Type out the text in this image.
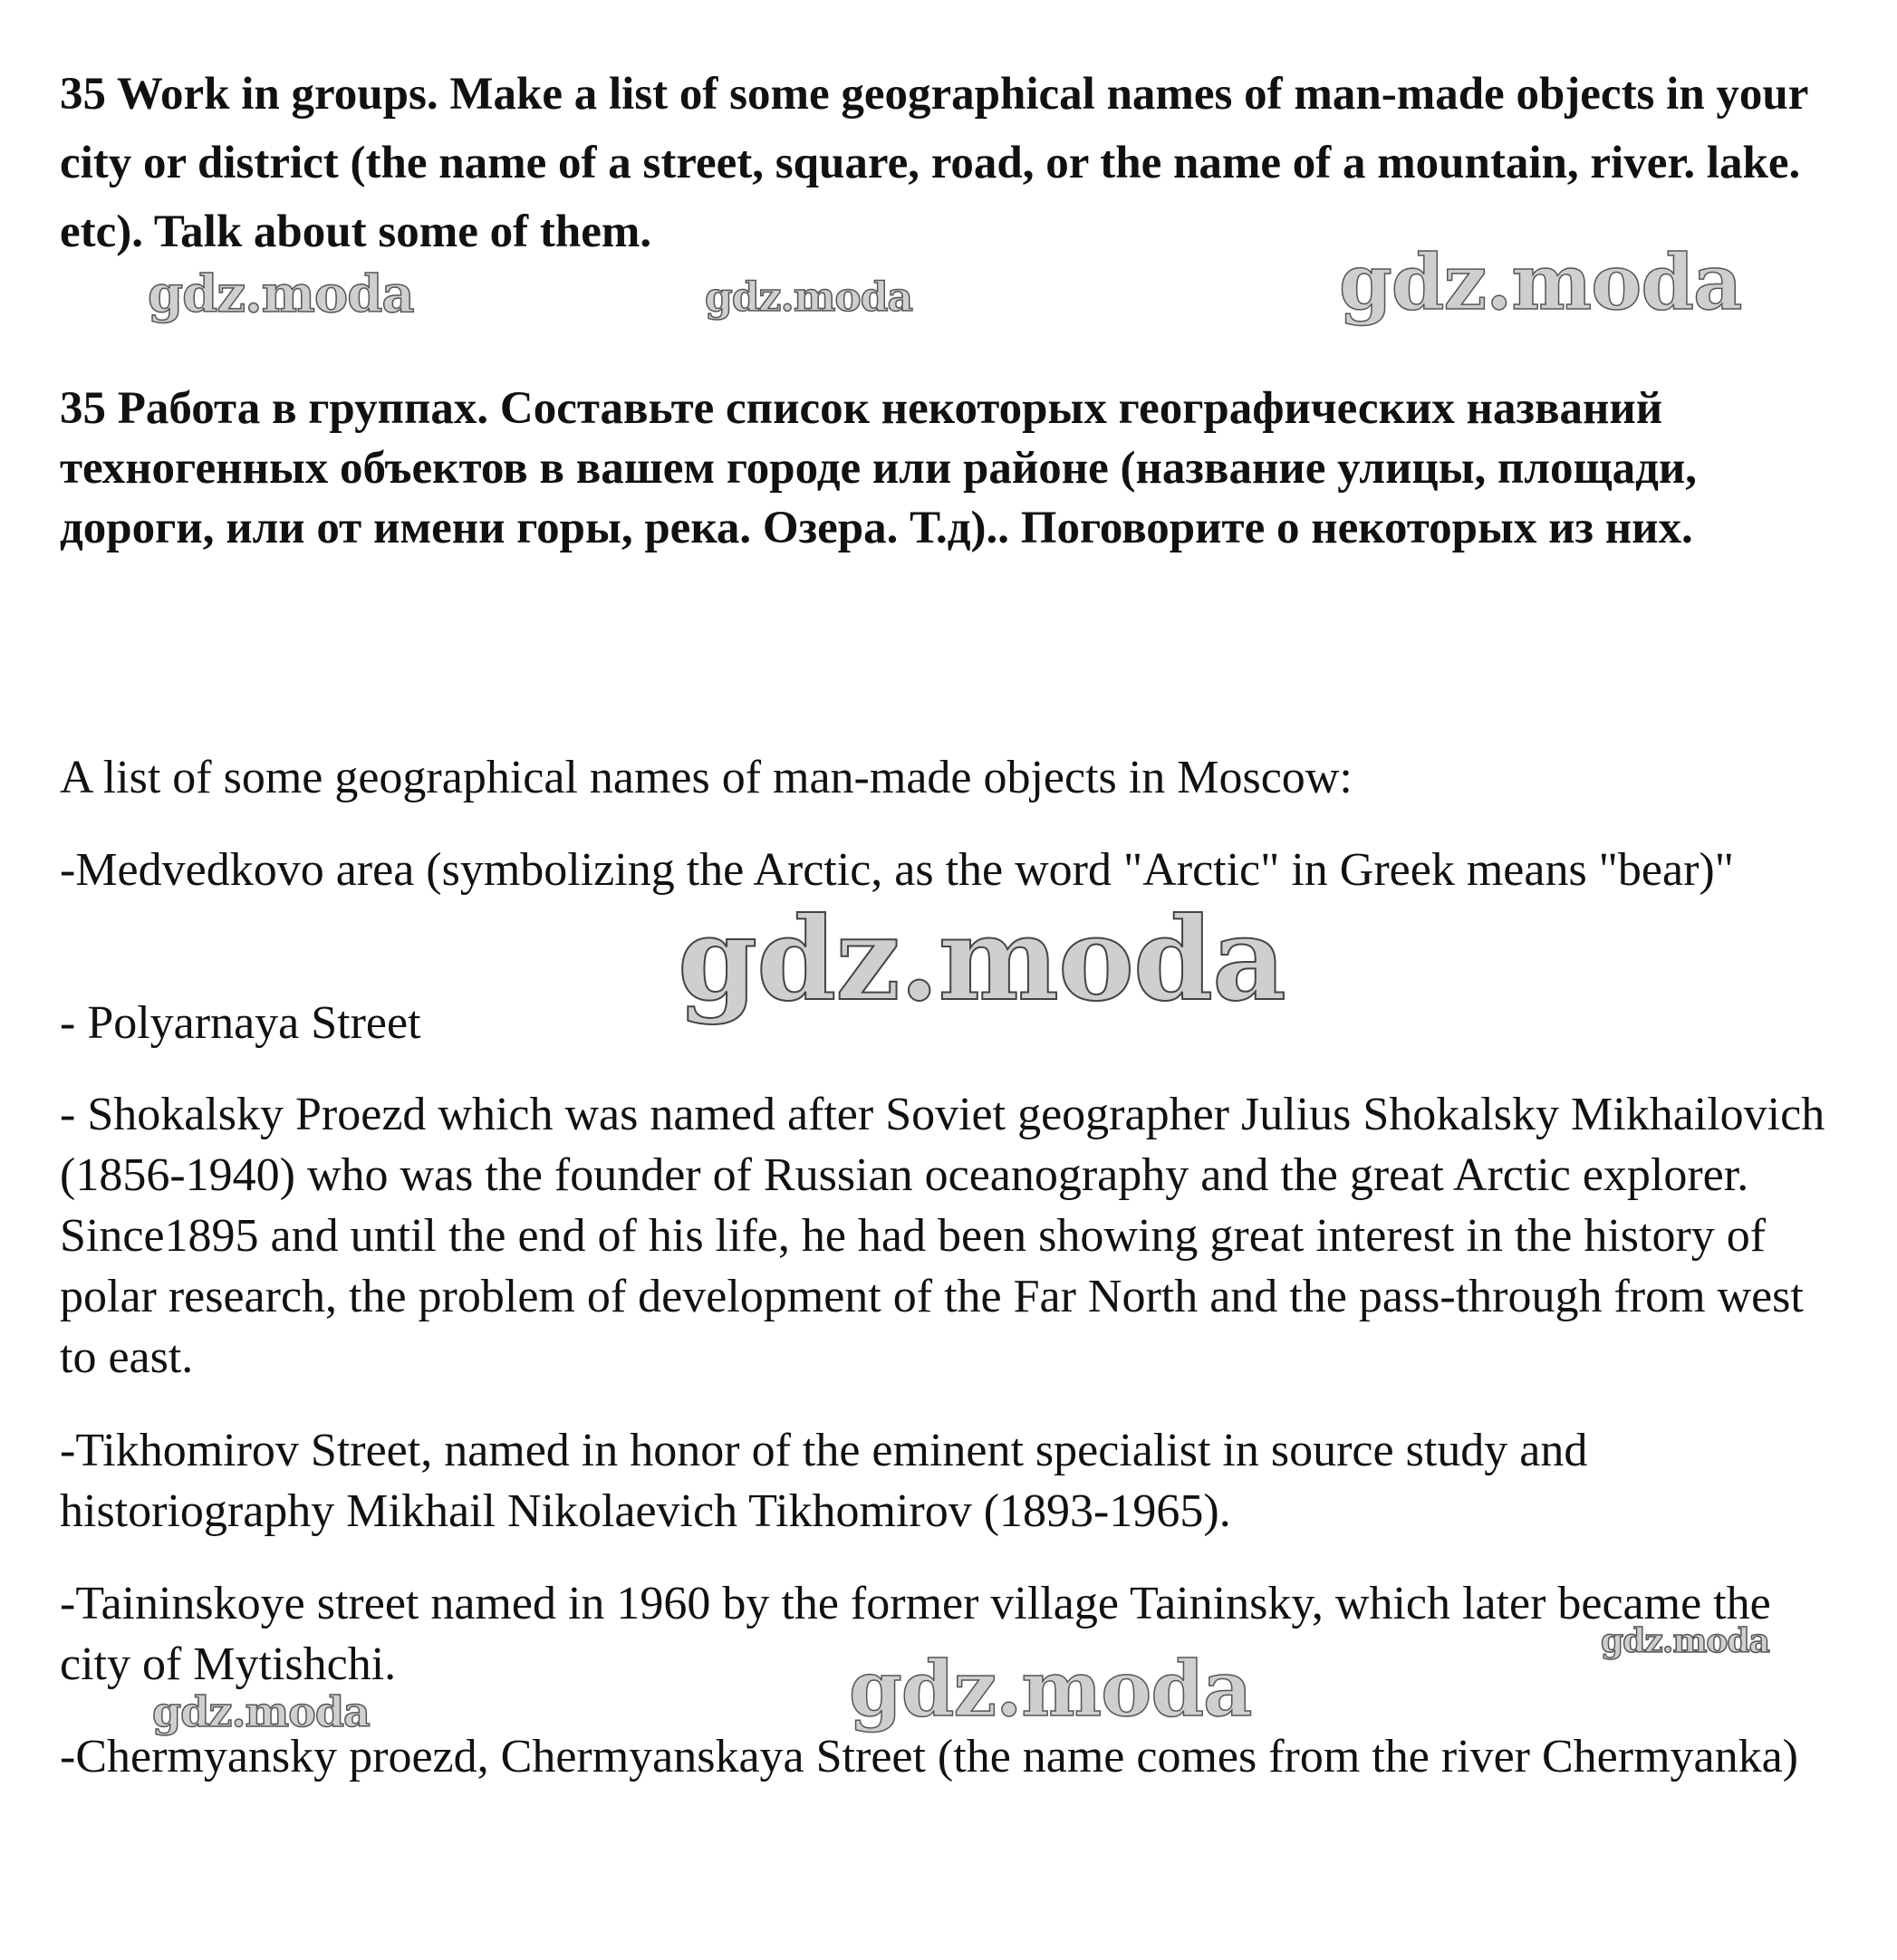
35 Work in groups. Make a list of some geographical names of man-made objects in your city or district (the name of a street, square, road, or the name of a mountain, river. lake. etc). Talk about some of them.

35 Работа в группах. Составьте список некоторых географических названий техногенных объектов в вашем городе или районе (название улицы, площади, дороги, или от имени горы, река. Озера. Т.д).. Поговорите о некоторых из них.

A list of some geographical names of man-made objects in Moscow:

-Medvedkovo area (symbolizing the Arctic, as the word "Arctic" in Greek means "bear)"

- Polyarnaya Street

- Shokalsky Proezd which was named after Soviet geographer Julius Shokalsky Mikhailovich (1856-1940) who was the founder of Russian oceanography and the great Arctic explorer. Since1895 and until the end of his life, he had been showing great interest in the history of polar research, the problem of development of the Far North and the pass-through from west to east.

-Tikhomirov Street, named in honor of the eminent specialist in source study and historiography Mikhail Nikolaevich Tikhomirov (1893-1965).

-Taininskoye street named in 1960 by the former village Taininsky, which later became the city of Mytishchi.

-Chermyansky proezd, Chermyanskaya Street (the name comes from the river Chermyanka)

gdz.moda	gdz.moda	gdz.moda
gdz.moda
gdz.moda
gdz.moda
gdz.moda
